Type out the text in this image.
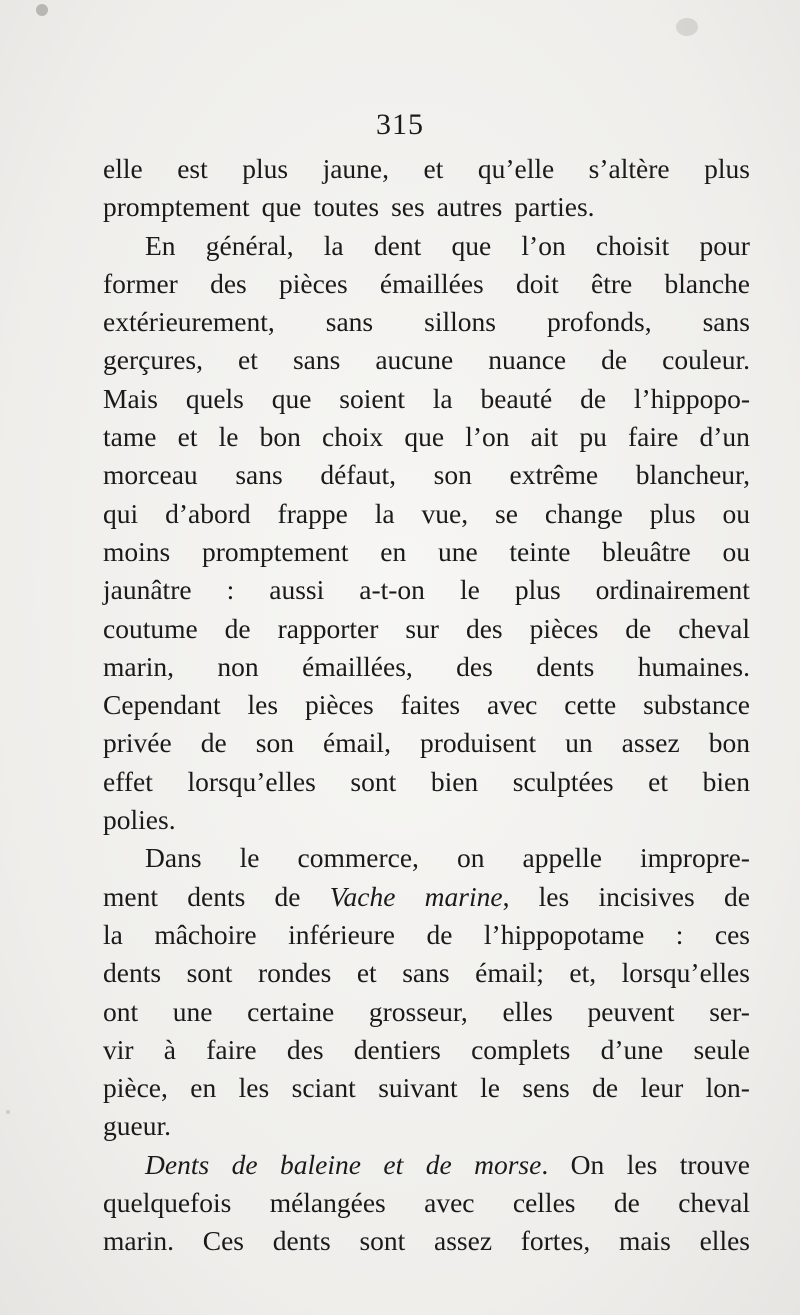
315
elle est plus jaune, et qu’elle s’altère plus
promptement que toutes ses autres parties.
En général, la dent que l’on choisit pour
former des pièces émaillées doit être blanche
extérieurement, sans sillons profonds, sans
gerçures, et sans aucune nuance de couleur.
Mais quels que soient la beauté de l’hippopo-
tame et le bon choix que l’on ait pu faire d’un
morceau sans défaut, son extrême blancheur,
qui d’abord frappe la vue, se change plus ou
moins promptement en une teinte bleuâtre ou
jaunâtre : aussi a-t-on le plus ordinairement
coutume de rapporter sur des pièces de cheval
marin, non émaillées, des dents humaines.
Cependant les pièces faites avec cette substance
privée de son émail, produisent un assez bon
effet lorsqu’elles sont bien sculptées et bien
polies.
Dans le commerce, on appelle impropre-
ment dents de Vache marine, les incisives de
la mâchoire inférieure de l’hippopotame : ces
dents sont rondes et sans émail; et, lorsqu’elles
ont une certaine grosseur, elles peuvent ser-
vir à faire des dentiers complets d’une seule
pièce, en les sciant suivant le sens de leur lon-
gueur.
Dents de baleine et de morse. On les trouve
quelquefois mélangées avec celles de cheval
marin. Ces dents sont assez fortes, mais elles
